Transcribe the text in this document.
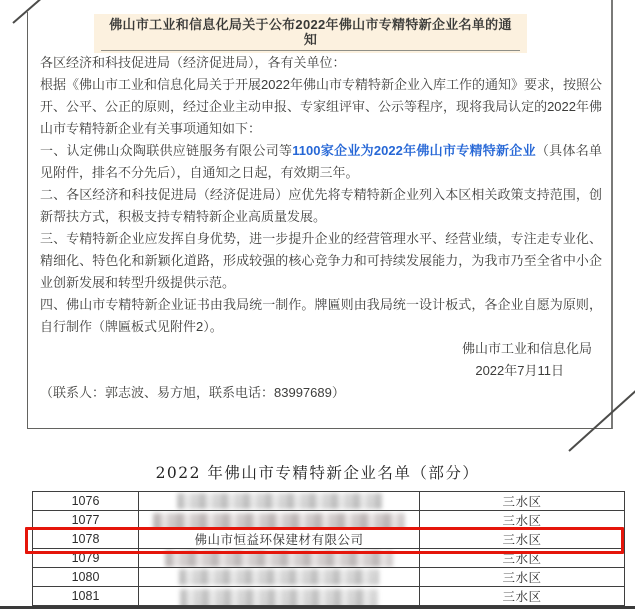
佛山市工业和信息化局关于公布2022年佛山市专精特新企业名单的通知

各区经济和科技促进局（经济促进局），各有关单位：

根据《佛山市工业和信息化局关于开展2022年佛山市专精特新企业入库工作的通知》要求，按照公开、公平、公正的原则，经过企业主动申报、专家组评审、公示等程序，现将我局认定的2022年佛山市专精特新企业有关事项通知如下：

一、认定佛山众陶联供应链服务有限公司等1100家企业为2022年佛山市专精特新企业（具体名单见附件，排名不分先后），自通知之日起，有效期三年。

二、各区经济和科技促进局（经济促进局）应优先将专精特新企业列入本区相关政策支持范围，创新帮扶方式，积极支持专精特新企业高质量发展。

三、专精特新企业应发挥自身优势，进一步提升企业的经营管理水平、经营业绩，专注走专业化、精细化、特色化和新颖化道路，形成较强的核心竞争力和可持续发展能力，为我市乃至全省中小企业创新发展和转型升级提供示范。

四、佛山市专精特新企业证书由我局统一制作。牌匾则由我局统一设计板式，各企业自愿为原则，自行制作（牌匾板式见附件2）。

佛山市工业和信息化局
2022年7月11日

（联系人：郭志波、易方旭，联系电话：83997689）

2022 年佛山市专精特新企业名单（部分）
1076		三水区
1077		三水区
1078	佛山市恒益环保建材有限公司	三水区
1079		三水区
1080		三水区
1081		三水区
